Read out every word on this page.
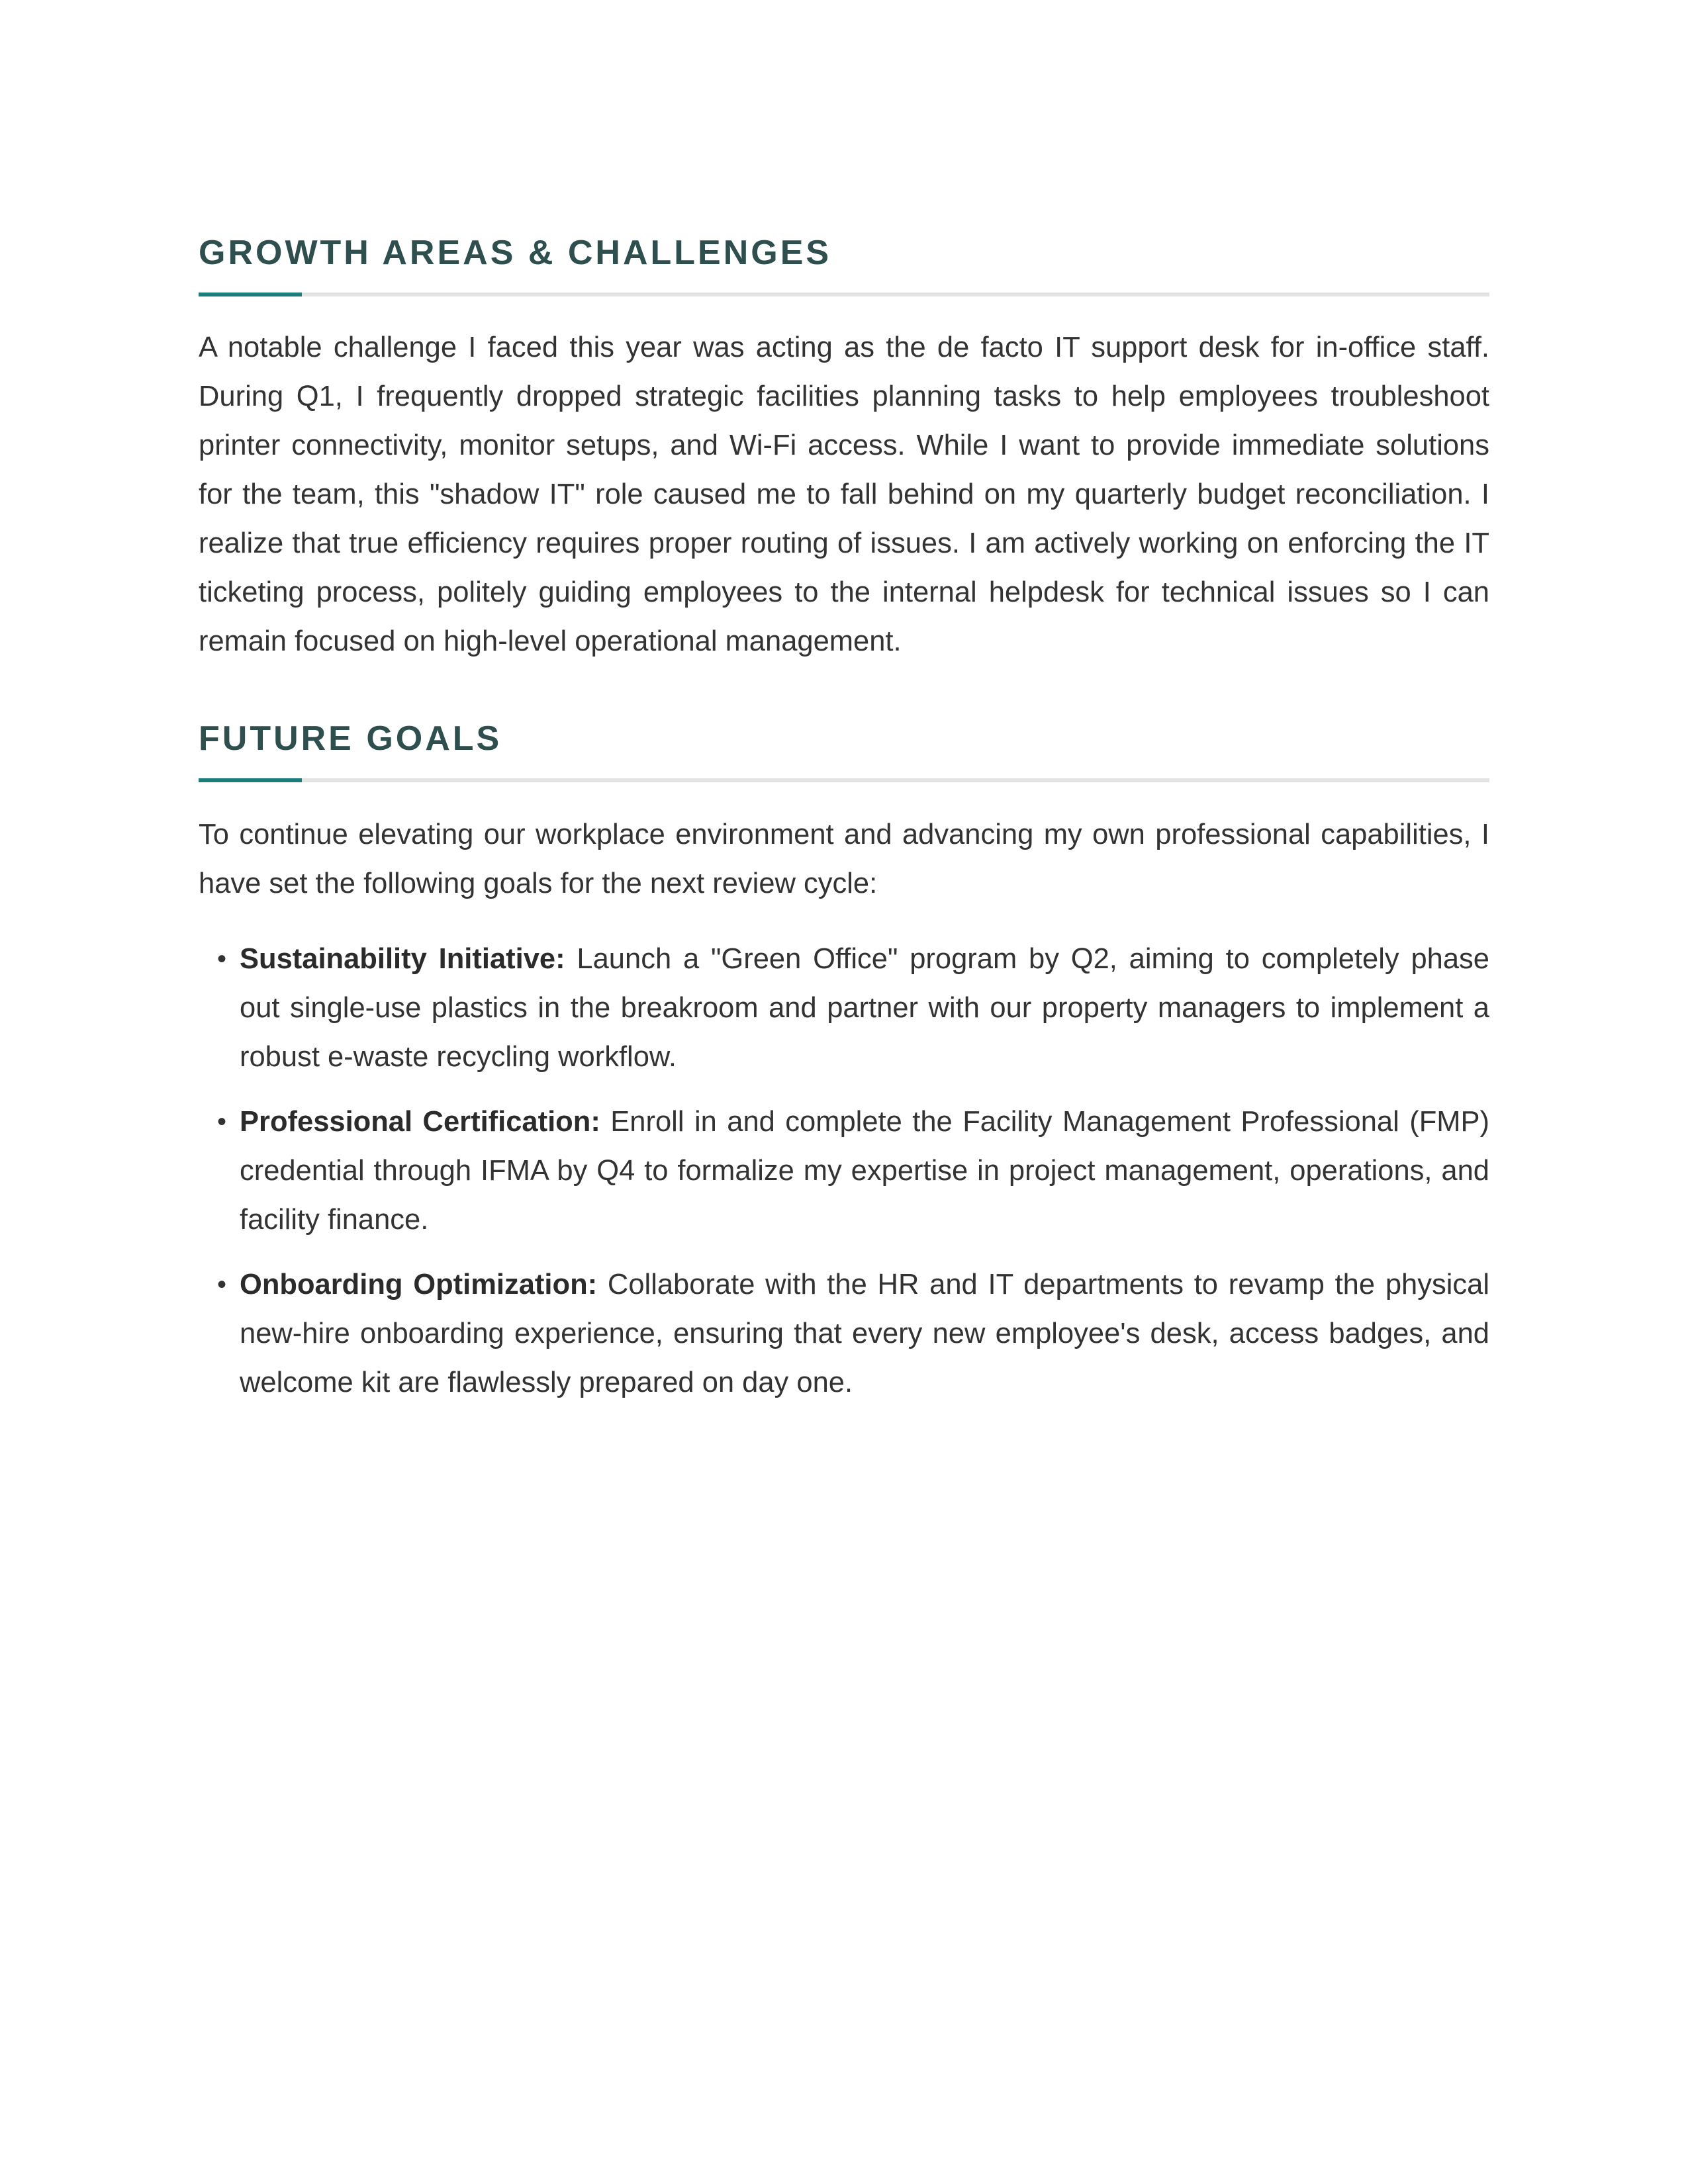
GROWTH AREAS & CHALLENGES

A notable challenge I faced this year was acting as the de facto IT support desk for in-office staff. During Q1, I frequently dropped strategic facilities planning tasks to help employees troubleshoot printer connectivity, monitor setups, and Wi-Fi access. While I want to provide immediate solutions for the team, this "shadow IT" role caused me to fall behind on my quarterly budget reconciliation. I realize that true efficiency requires proper routing of issues. I am actively working on enforcing the IT ticketing process, politely guiding employees to the internal helpdesk for technical issues so I can remain focused on high-level operational management.

FUTURE GOALS

To continue elevating our workplace environment and advancing my own professional capabilities, I have set the following goals for the next review cycle:

• Sustainability Initiative: Launch a "Green Office" program by Q2, aiming to completely phase out single-use plastics in the breakroom and partner with our property managers to implement a robust e-waste recycling workflow.
• Professional Certification: Enroll in and complete the Facility Management Professional (FMP) credential through IFMA by Q4 to formalize my expertise in project management, operations, and facility finance.
• Onboarding Optimization: Collaborate with the HR and IT departments to revamp the physical new-hire onboarding experience, ensuring that every new employee's desk, access badges, and welcome kit are flawlessly prepared on day one.
